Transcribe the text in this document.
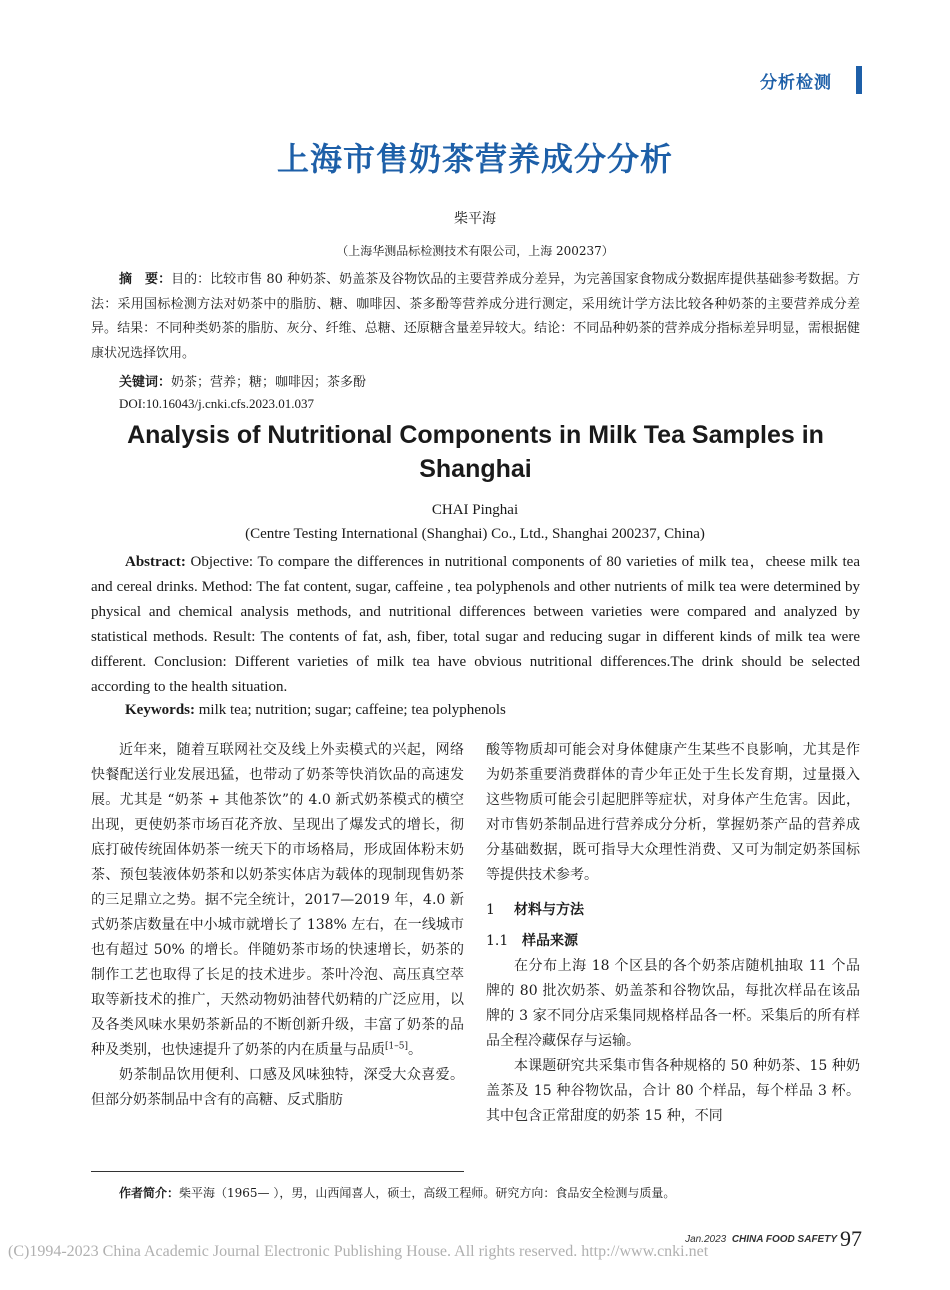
分析检测
上海市售奶茶营养成分分析
柴平海
（上海华测品标检测技术有限公司，上海 200237）
摘　要：目的：比较市售 80 种奶茶、奶盖茶及谷物饮品的主要营养成分差异，为完善国家食物成分数据库提供基础参考数据。方法：采用国标检测方法对奶茶中的脂肪、糖、咖啡因、茶多酚等营养成分进行测定，采用统计学方法比较各种奶茶的主要营养成分差异。结果：不同种类奶茶的脂肪、灰分、纤维、总糖、还原糖含量差异较大。结论：不同品种奶茶的营养成分指标差异明显，需根据健康状况选择饮用。
关键词：奶茶；营养；糖；咖啡因；茶多酚
DOI:10.16043/j.cnki.cfs.2023.01.037
Analysis of Nutritional Components in Milk Tea Samples in Shanghai
CHAI Pinghai
(Centre Testing International (Shanghai) Co., Ltd., Shanghai 200237, China)
Abstract: Objective: To compare the differences in nutritional components of 80 varieties of milk tea，cheese milk tea and cereal drinks. Method: The fat content, sugar, caffeine , tea polyphenols and other nutrients of milk tea were determined by physical and chemical analysis methods, and nutritional differences between varieties were compared and analyzed by statistical methods. Result: The contents of fat, ash, fiber, total sugar and reducing sugar in different kinds of milk tea were different. Conclusion: Different varieties of milk tea have obvious nutritional differences.The drink should be selected according to the health situation.
Keywords: milk tea; nutrition; sugar; caffeine; tea polyphenols

近年来，随着互联网社交及线上外卖模式的兴起，网络快餐配送行业发展迅猛，也带动了奶茶等快消饮品的高速发展。尤其是 “奶茶 + 其他茶饮”的 4.0 新式奶茶模式的横空出现，更使奶茶市场百花齐放、呈现出了爆发式的增长，彻底打破传统固体奶茶一统天下的市场格局，形成固体粉末奶茶、预包装液体奶茶和以奶茶实体店为载体的现制现售奶茶的三足鼎立之势。据不完全统计，2017—2019 年，4.0 新式奶茶店数量在中小城市就增长了 138% 左右，在一线城市也有超过 50% 的增长。伴随奶茶市场的快速增长，奶茶的制作工艺也取得了长足的技术进步。茶叶冷泡、高压真空萃取等新技术的推广，天然动物奶油替代奶精的广泛应用，以及各类风味水果奶茶新品的不断创新升级，丰富了奶茶的品种及类别，也快速提升了奶茶的内在质量与品质[1–5]。

奶茶制品饮用便利、口感及风味独特，深受大众喜爱。但部分奶茶制品中含有的高糖、反式脂肪

酸等物质却可能会对身体健康产生某些不良影响，尤其是作为奶茶重要消费群体的青少年正处于生长发育期，过量摄入这些物质可能会引起肥胖等症状，对身体产生危害。因此，对市售奶茶制品进行营养成分分析，掌握奶茶产品的营养成分基础数据，既可指导大众理性消费、又可为制定奶茶国标等提供技术参考。

1 材料与方法

1.1 样品来源

在分布上海 18 个区县的各个奶茶店随机抽取 11 个品牌的 80 批次奶茶、奶盖茶和谷物饮品，每批次样品在该品牌的 3 家不同分店采集同规格样品各一杯。采集后的所有样品全程冷藏保存与运输。

本课题研究共采集市售各种规格的 50 种奶茶、15 种奶盖茶及 15 种谷物饮品，合计 80 个样品，每个样品 3 杯。其中包含正常甜度的奶茶 15 种，不同

作者简介：柴平海（1965— ），男，山西闻喜人，硕士，高级工程师。研究方向：食品安全检测与质量。
Jan.2023 CHINA FOOD SAFETY 97
(C)1994-2023 China Academic Journal Electronic Publishing House. All rights reserved. http://www.cnki.net
